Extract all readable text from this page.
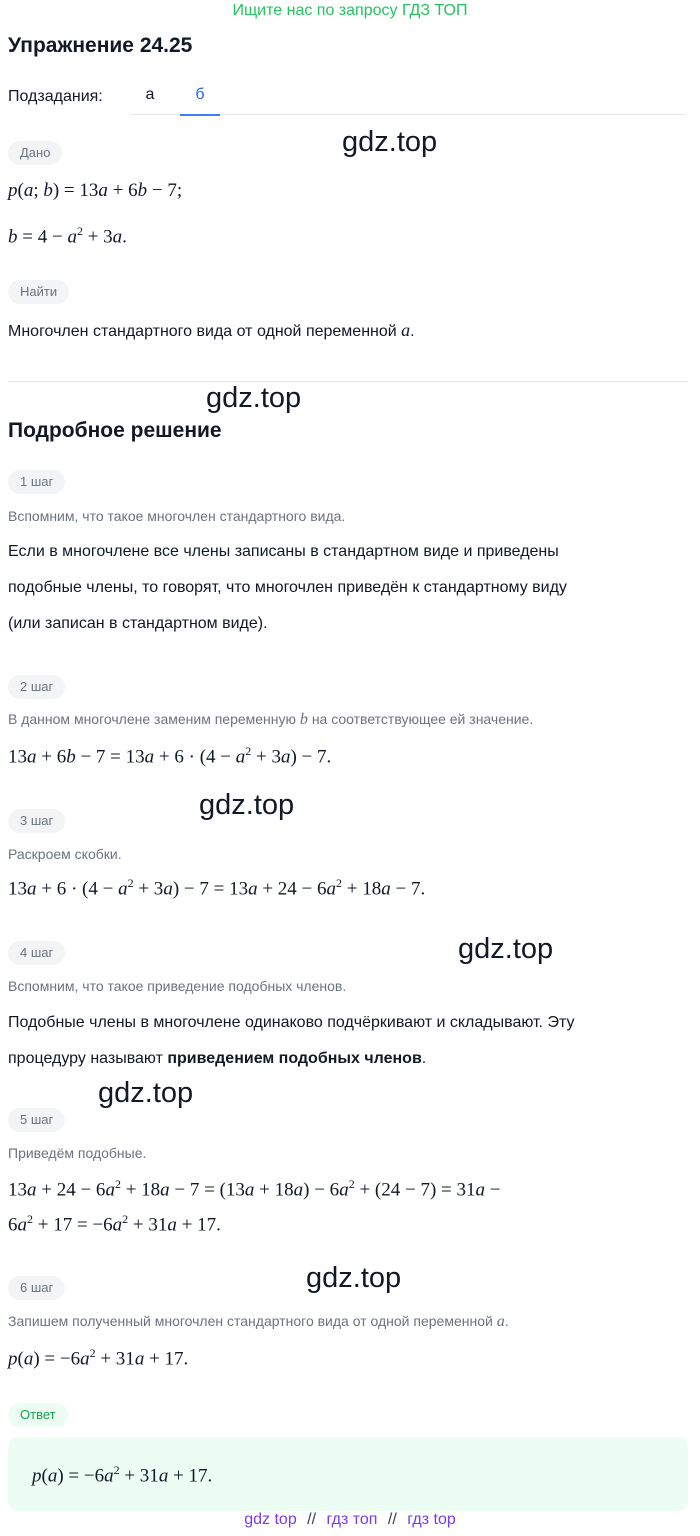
Ищите нас по запросу ГДЗ ТОП
Упражнение 24.25
Подзадания:	а	б
gdz.top
gdz.top
gdz.top
gdz.top
gdz.top
gdz.top
Дано
p(a; b) = 13a + 6b − 7;
$b = 4 - a^2 + 3a$.
Найти
Многочлен стандартного вида от одной переменной a.
Подробное решение
1 шаг
Вспомним, что такое многочлен стандартного вида.
Если в многочлене все члены записаны в стандартном виде и приведены
подобные члены, то говорят, что многочлен приведён к стандартному виду
(или записан в стандартном виде).
2 шаг
В данном многочлене заменим переменную b на соответствующее ей значение.
$13a + 6b - 7 = 13a + 6 \cdot (4 - a^2 + 3a) - 7$.
3 шаг
Раскроем скобки.
$13a + 6 \cdot (4 - a^2 + 3a) - 7 = 13a + 24 - 6a^2 + 18a - 7$.
4 шаг
Вспомним, что такое приведение подобных членов.
Подобные члены в многочлене одинаково подчёркивают и складывают. Эту
процедуру называют приведением подобных членов.
5 шаг
Приведём подобные.
$13a + 24 - 6a^2 + 18a - 7 = (13a + 18a) - 6a^2 + (24 - 7) = 31a$ −
$6a^2 + 17 = -6a^2 + 31a + 17$.
6 шаг
Запишем полученный многочлен стандартного вида от одной переменной a.
$p(a) = -6a^2 + 31a + 17$.
Ответ
$p(a) = -6a^2 + 31a + 17$.
gdz top // гдз топ // гдз top
